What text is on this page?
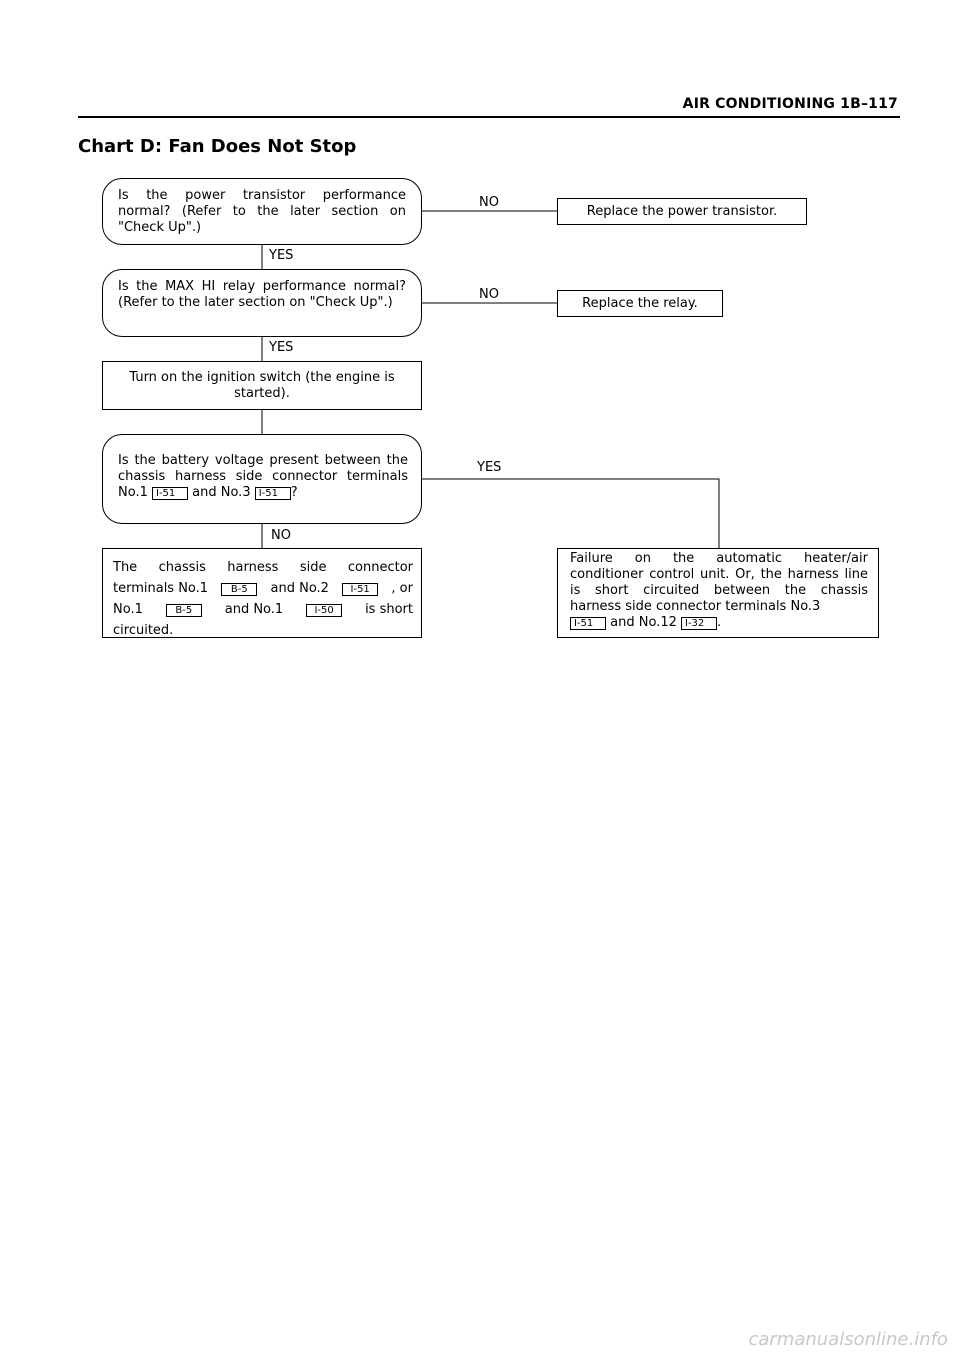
AIR CONDITIONING 1B–117
Chart D: Fan Does Not Stop
Is the power transistor performance normal? (Refer to the later section on "Check Up".)
Replace the power transistor.
NO
YES
Is the MAX HI relay performance normal? (Refer to the later section on "Check Up".)	Replace the relay.
NO
YES
Turn on the ignition switch (the engine is started).
Is the battery voltage present between the chassis harness side connector terminals No.1 I-51 and No.3 I-51 ?
YES
NO
The chassis harness side connector
terminals No.1	B-5	and No.2	I-51	, or
No.1	B-5	and No.1	I-50	is short
circuited.
Failure on the automatic heater/air conditioner control unit. Or, the harness line is short circuited between the chassis harness side connector terminals No.3
I-51 and No.12 I-32 .
carmanualsonline.info
